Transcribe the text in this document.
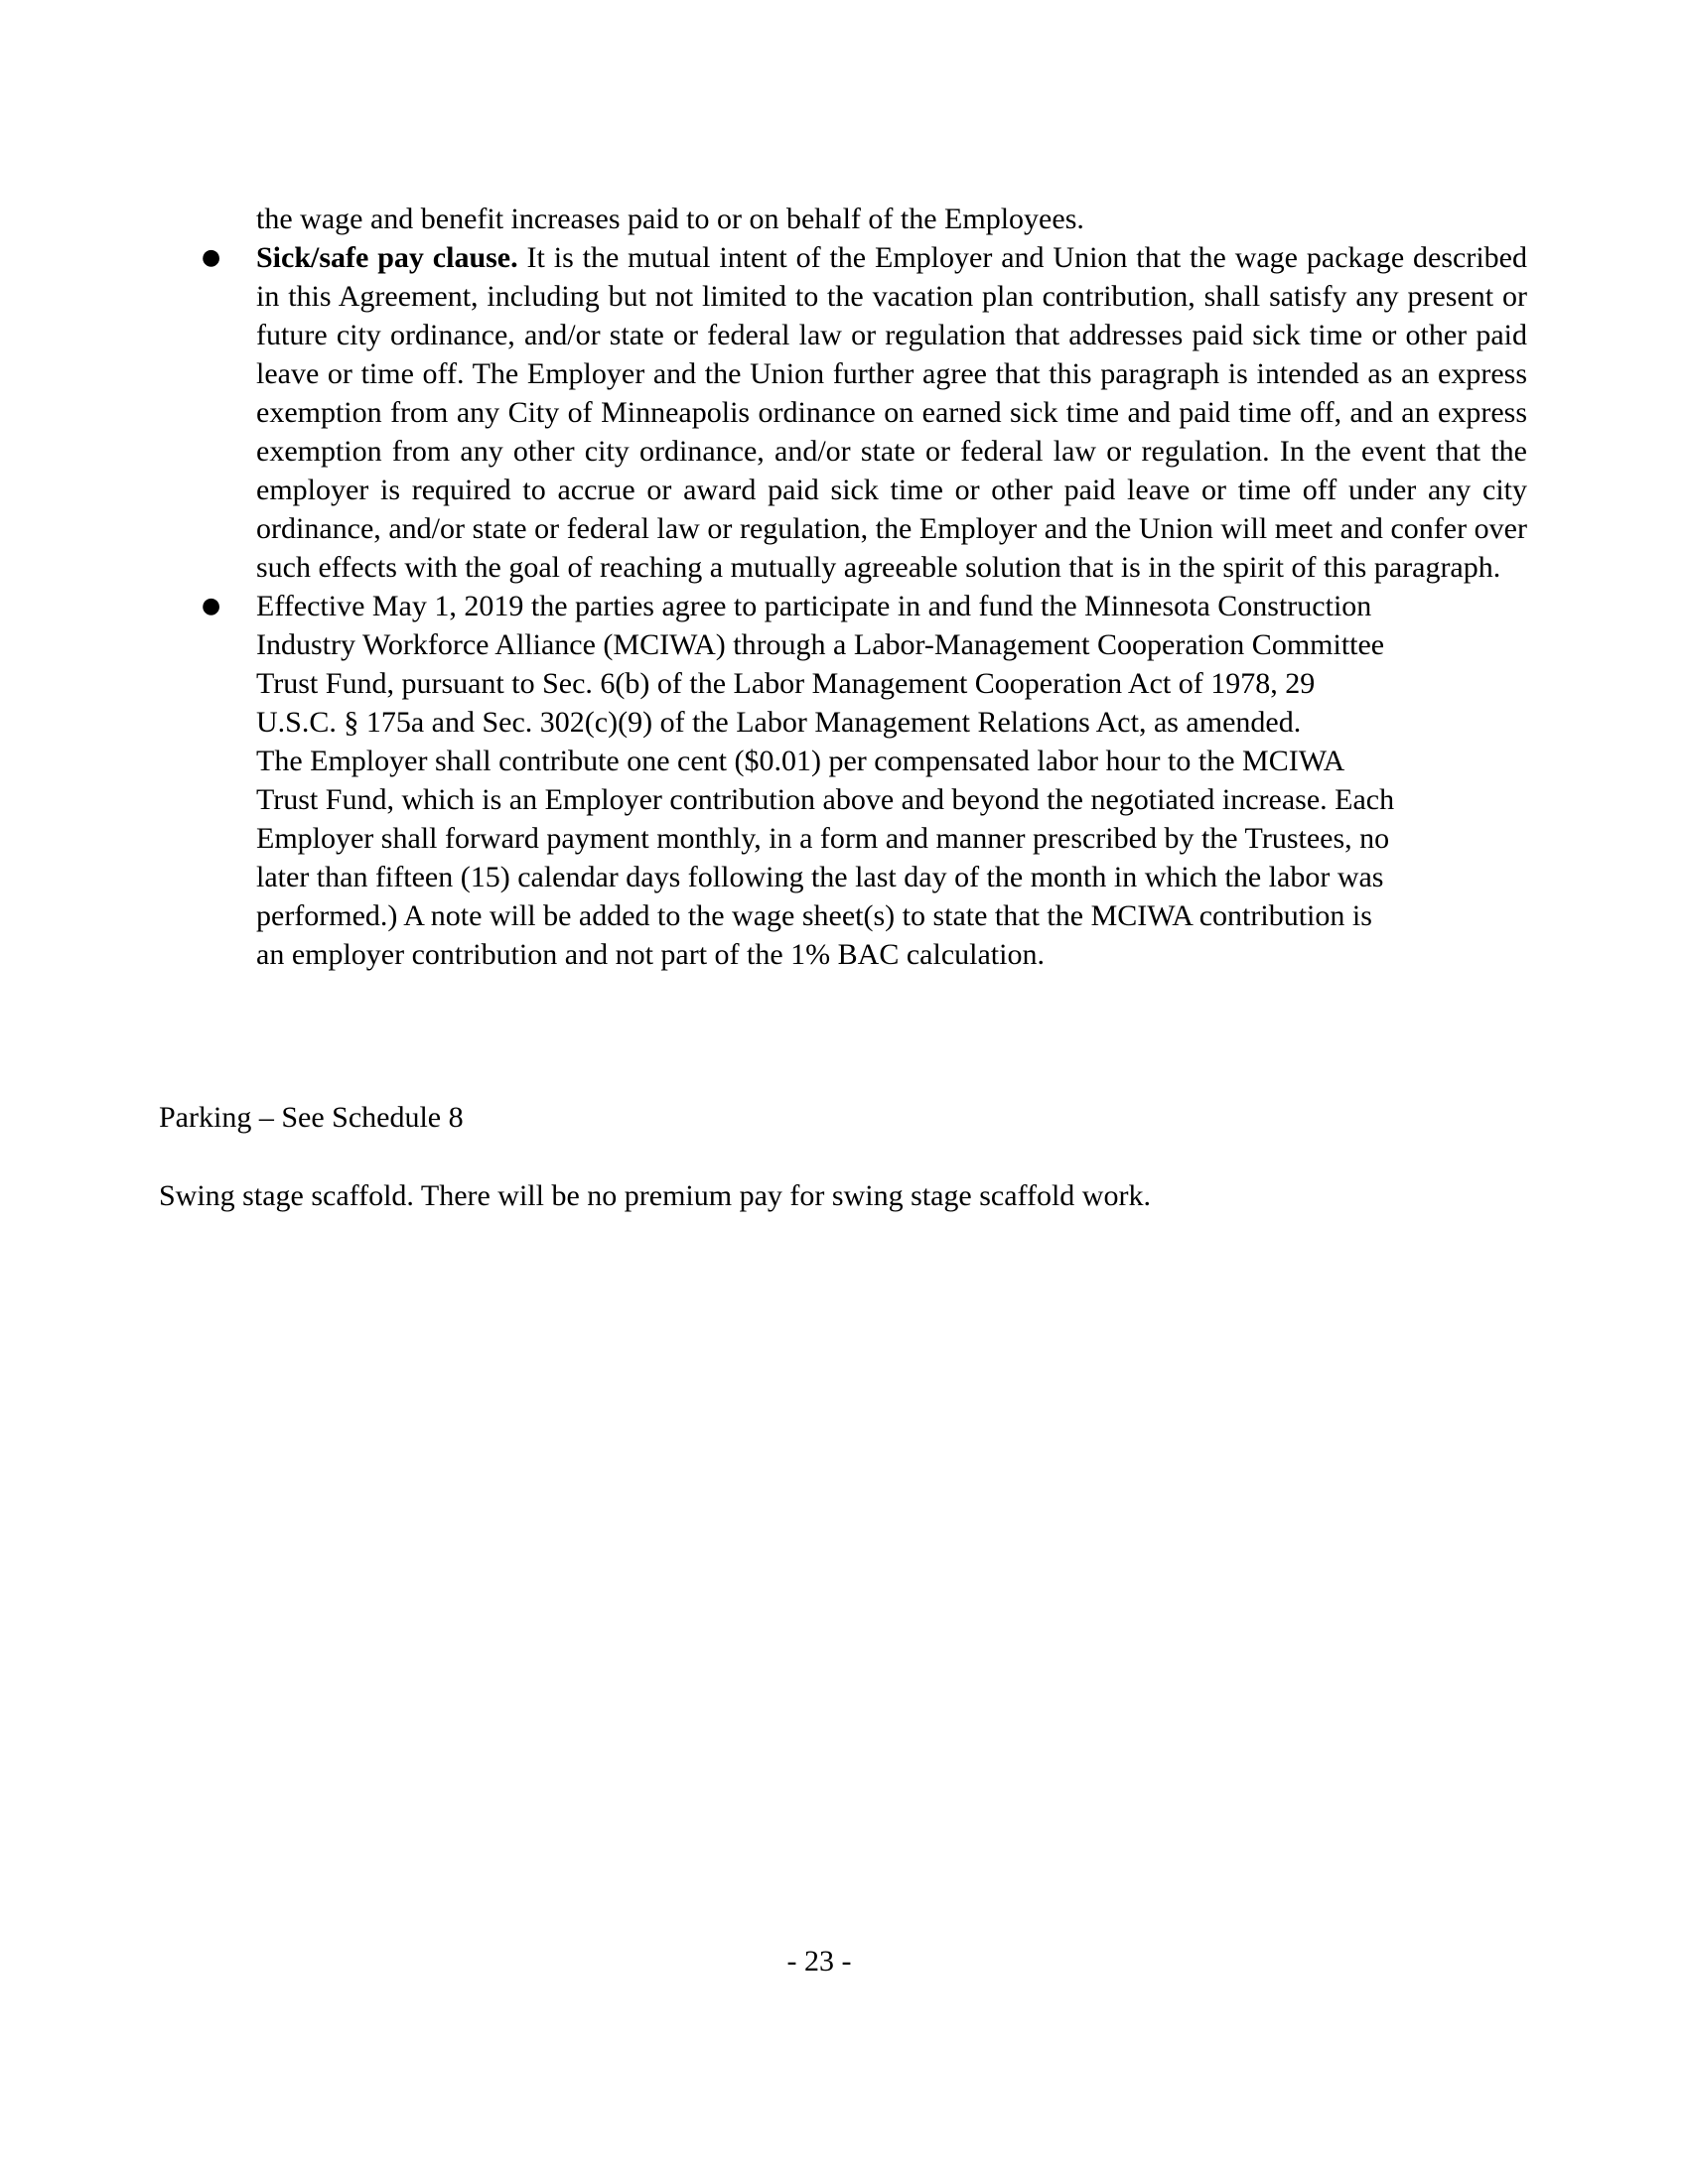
the wage and benefit increases paid to or on behalf of the Employees.

● Sick/safe pay clause. It is the mutual intent of the Employer and Union that the wage package described in this Agreement, including but not limited to the vacation plan contribution, shall satisfy any present or future city ordinance, and/or state or federal law or regulation that addresses paid sick time or other paid leave or time off. The Employer and the Union further agree that this paragraph is intended as an express exemption from any City of Minneapolis ordinance on earned sick time and paid time off, and an express exemption from any other city ordinance, and/or state or federal law or regulation. In the event that the employer is required to accrue or award paid sick time or other paid leave or time off under any city ordinance, and/or state or federal law or regulation, the Employer and the Union will meet and confer over such effects with the goal of reaching a mutually agreeable solution that is in the spirit of this paragraph.

● Effective May 1, 2019 the parties agree to participate in and fund the Minnesota Construction
Industry Workforce Alliance (MCIWA) through a Labor-Management Cooperation Committee
Trust Fund, pursuant to Sec. 6(b) of the Labor Management Cooperation Act of 1978, 29
U.S.C. § 175a and Sec. 302(c)(9) of the Labor Management Relations Act, as amended.
The Employer shall contribute one cent ($0.01) per compensated labor hour to the MCIWA
Trust Fund, which is an Employer contribution above and beyond the negotiated increase. Each
Employer shall forward payment monthly, in a form and manner prescribed by the Trustees, no
later than fifteen (15) calendar days following the last day of the month in which the labor was
performed.) A note will be added to the wage sheet(s) to state that the MCIWA contribution is
an employer contribution and not part of the 1% BAC calculation.

Parking – See Schedule 8

Swing stage scaffold. There will be no premium pay for swing stage scaffold work.

- 23 -
